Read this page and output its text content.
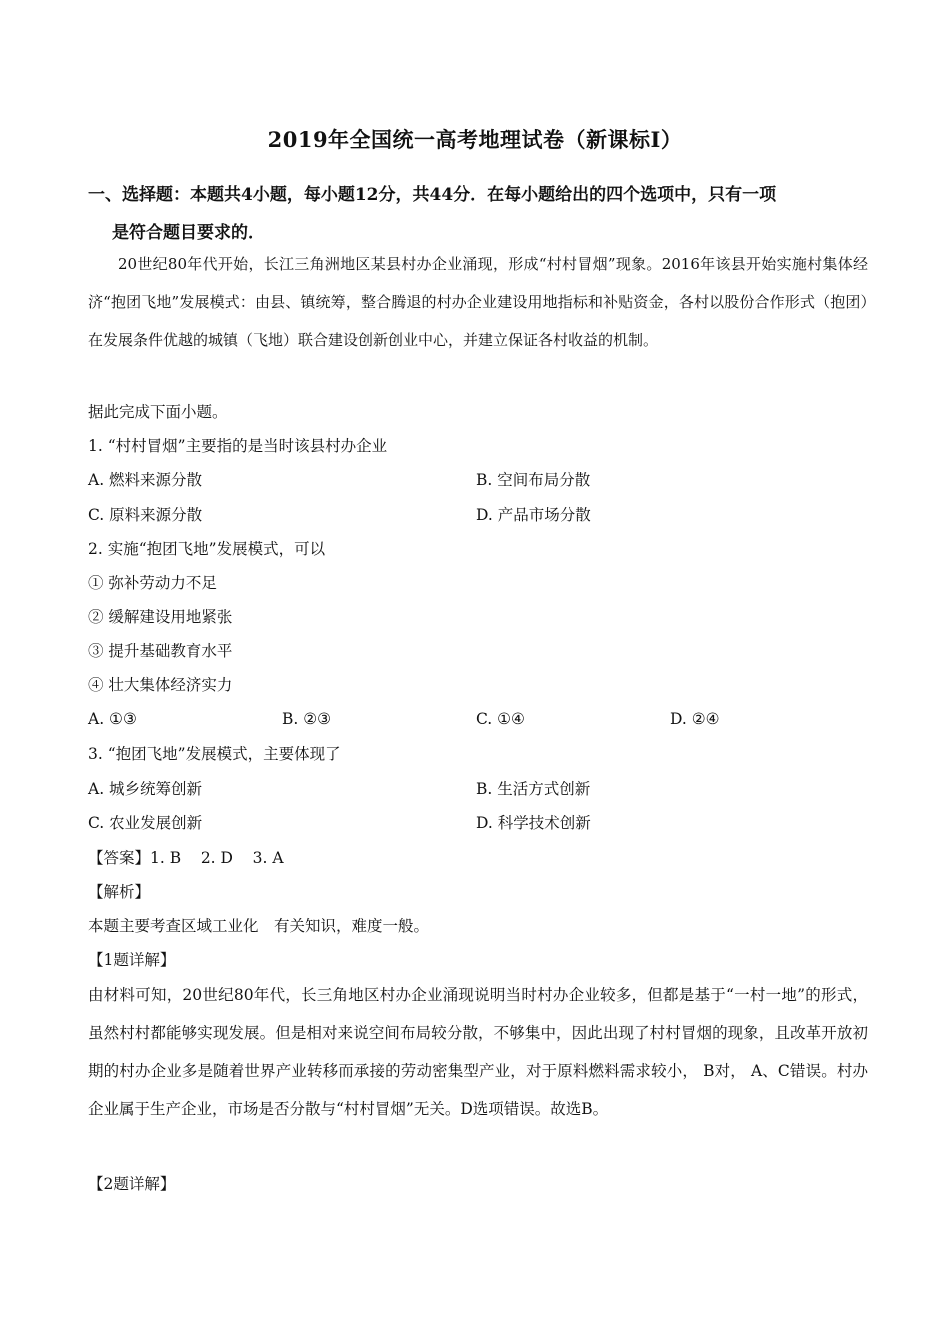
2019年全国统一高考地理试卷（新课标Ⅰ）
一、选择题：本题共4小题，每小题12分，共44分．在每小题给出的四个选项中，只有一项
是符合题目要求的．
20世纪80年代开始，长江三角洲地区某县村办企业涌现，形成“村村冒烟”现象。2016年该县开始实施村集体经济“抱团飞地”发展模式：由县、镇统筹，整合腾退的村办企业建设用地指标和补贴资金，各村以股份合作形式（抱团）在发展条件优越的城镇（飞地）联合建设创新创业中心，并建立保证各村收益的机制。
据此完成下面小题。
1. “村村冒烟”主要指的是当时该县村办企业
A. 燃料来源分散	B. 空间布局分散
C. 原料来源分散	D. 产品市场分散
2. 实施“抱团飞地”发展模式，可以
① 弥补劳动力不足
② 缓解建设用地紧张
③ 提升基础教育水平
④ 壮大集体经济实力
A. ①③	B. ②③	C. ①④	D. ②④
3. “抱团飞地”发展模式，主要体现了
A. 城乡统筹创新	B. 生活方式创新
C. 农业发展创新	D. 科学技术创新
【答案】1. B    2. D    3. A
【解析】
本题主要考查区域工业化　有关知识，难度一般。
【1题详解】
由材料可知，20世纪80年代，长三角地区村办企业涌现说明当时村办企业较多，但都是基于“一村一地”的形式，虽然村村都能够实现发展。但是相对来说空间布局较分散，不够集中，因此出现了村村冒烟的现象，且改革开放初期的村办企业多是随着世界产业转移而承接的劳动密集型产业，对于原料燃料需求较小， B对， A、C错误。村办企业属于生产企业，市场是否分散与“村村冒烟”无关。D选项错误。故选B。
【2题详解】
